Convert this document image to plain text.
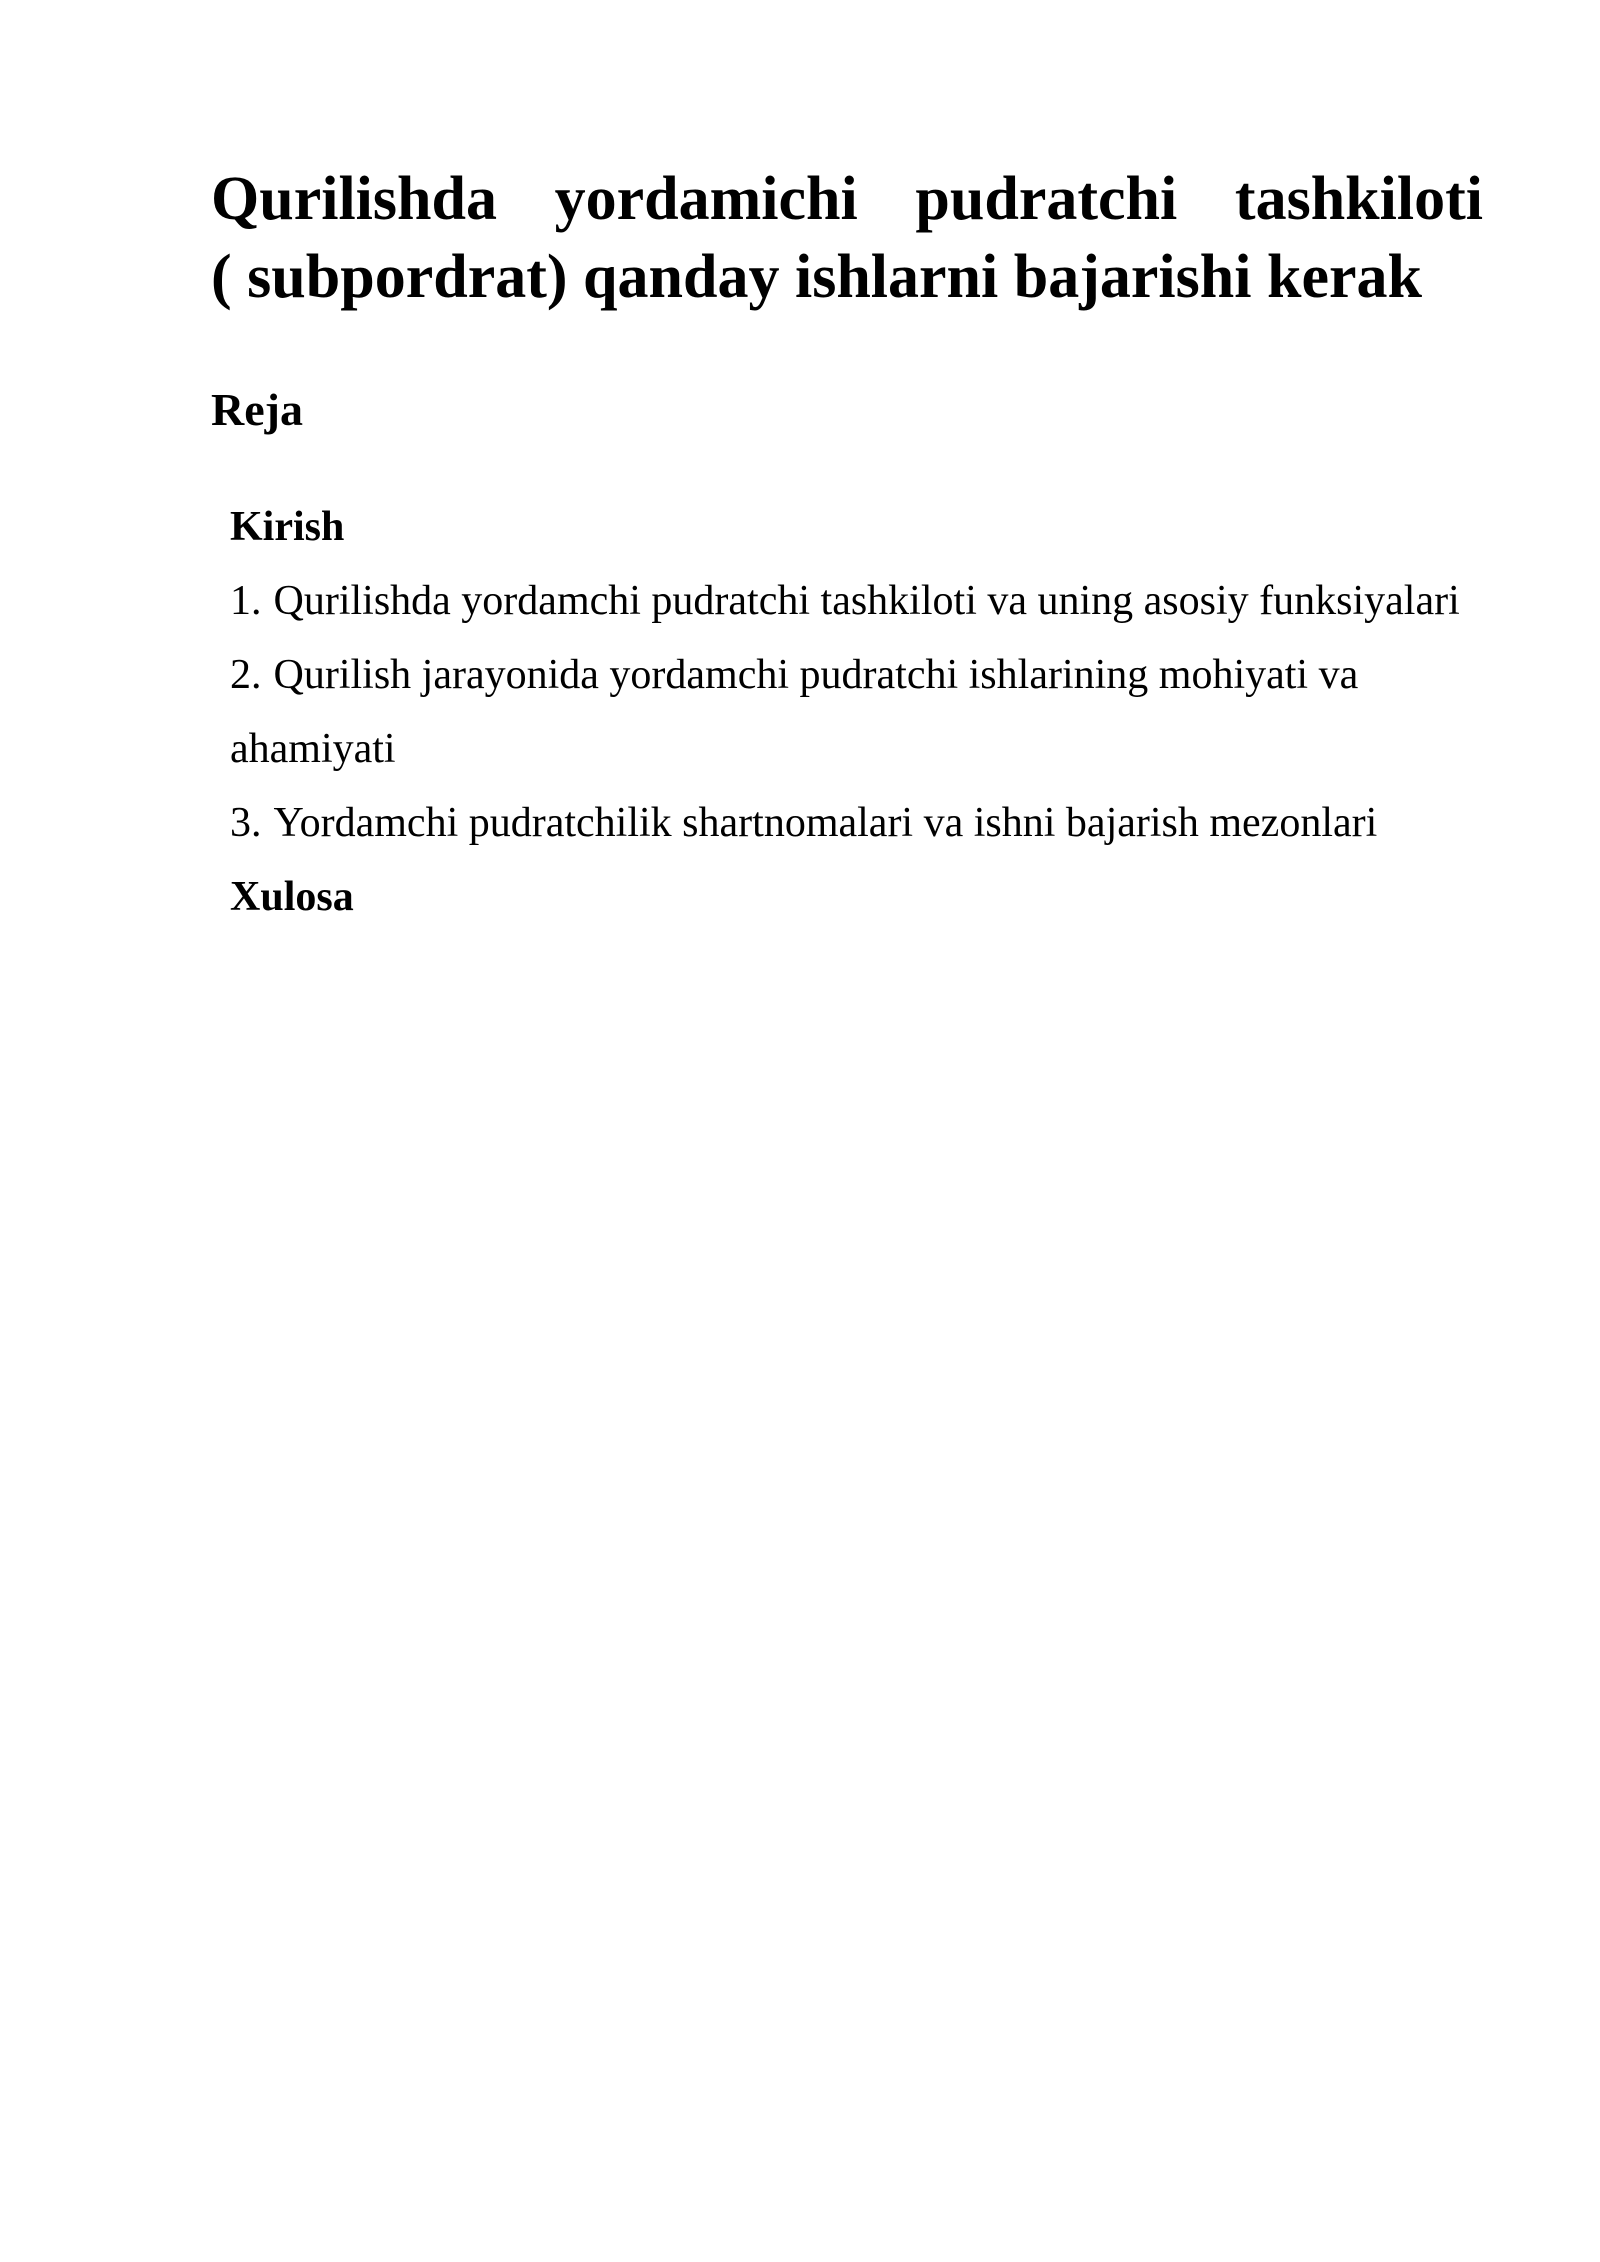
Qurilishda yordamichi pudratchi tashkiloti
( subpordrat) qanday ishlarni bajarishi kerak
Reja
Kirish
1. Qurilishda yordamchi pudratchi tashkiloti va uning asosiy funksiyalari
2. Qurilish jarayonida yordamchi pudratchi ishlarining mohiyati va ahamiyati
3. Yordamchi pudratchilik shartnomalari va ishni bajarish mezonlari
Xulosa
